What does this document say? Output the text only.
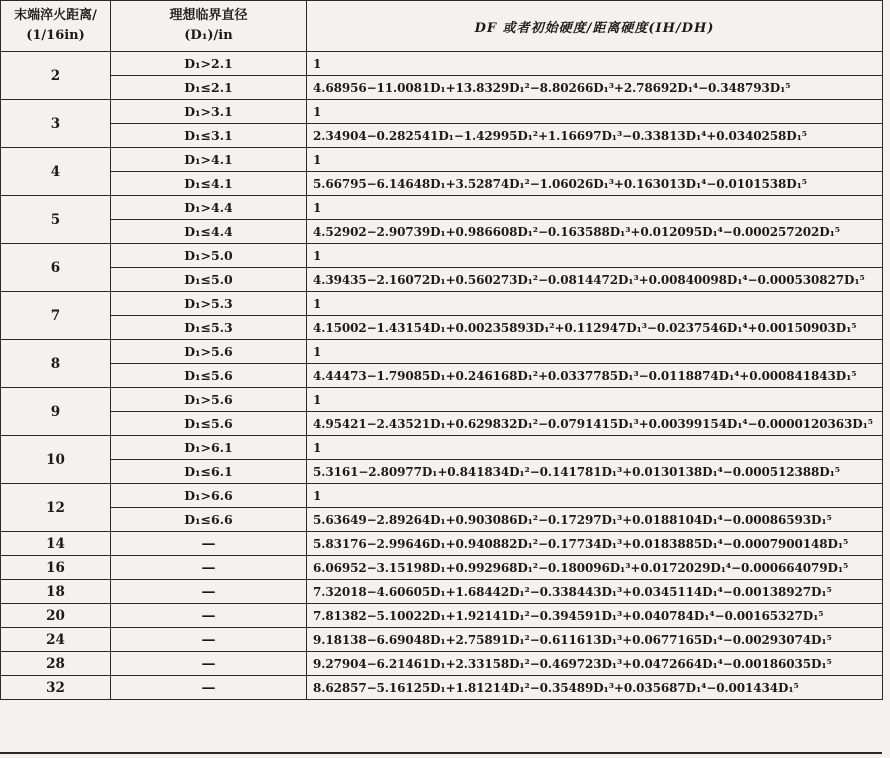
末端淬火距离/
(1/16in)	理想临界直径
(D₁)/in	DF 或者初始硬度/距离硬度(IH/DH)
2	D₁>2.1	1
	D₁≤2.1	4.68956−11.0081D₁+13.8329D₁²−8.80266D₁³+2.78692D₁⁴−0.348793D₁⁵
3	D₁>3.1	1
	D₁≤3.1	2.34904−0.282541D₁−1.42995D₁²+1.16697D₁³−0.33813D₁⁴+0.0340258D₁⁵
4	D₁>4.1	1
	D₁≤4.1	5.66795−6.14648D₁+3.52874D₁²−1.06026D₁³+0.163013D₁⁴−0.0101538D₁⁵
5	D₁>4.4	1
	D₁≤4.4	4.52902−2.90739D₁+0.986608D₁²−0.163588D₁³+0.012095D₁⁴−0.000257202D₁⁵
6	D₁>5.0	1
	D₁≤5.0	4.39435−2.16072D₁+0.560273D₁²−0.0814472D₁³+0.00840098D₁⁴−0.000530827D₁⁵
7	D₁>5.3	1
	D₁≤5.3	4.15002−1.43154D₁+0.00235893D₁²+0.112947D₁³−0.0237546D₁⁴+0.00150903D₁⁵
8	D₁>5.6	1
	D₁≤5.6	4.44473−1.79085D₁+0.246168D₁²+0.0337785D₁³−0.0118874D₁⁴+0.000841843D₁⁵
9	D₁>5.6	1
	D₁≤5.6	4.95421−2.43521D₁+0.629832D₁²−0.0791415D₁³+0.00399154D₁⁴−0.0000120363D₁⁵
10	D₁>6.1	1
	D₁≤6.1	5.3161−2.80977D₁+0.841834D₁²−0.141781D₁³+0.0130138D₁⁴−0.000512388D₁⁵
12	D₁>6.6	1
	D₁≤6.6	5.63649−2.89264D₁+0.903086D₁²−0.17297D₁³+0.0188104D₁⁴−0.00086593D₁⁵
14	—	5.83176−2.99646D₁+0.940882D₁²−0.17734D₁³+0.0183885D₁⁴−0.0007900148D₁⁵
16	—	6.06952−3.15198D₁+0.992968D₁²−0.180096D₁³+0.0172029D₁⁴−0.000664079D₁⁵
18	—	7.32018−4.60605D₁+1.68442D₁²−0.338443D₁³+0.0345114D₁⁴−0.00138927D₁⁵
20	—	7.81382−5.10022D₁+1.92141D₁²−0.394591D₁³+0.040784D₁⁴−0.00165327D₁⁵
24	—	9.18138−6.69048D₁+2.75891D₁²−0.611613D₁³+0.0677165D₁⁴−0.00293074D₁⁵
28	—	9.27904−6.21461D₁+2.33158D₁²−0.469723D₁³+0.0472664D₁⁴−0.00186035D₁⁵
32	—	8.62857−5.16125D₁+1.81214D₁²−0.35489D₁³+0.035687D₁⁴−0.001434D₁⁵
